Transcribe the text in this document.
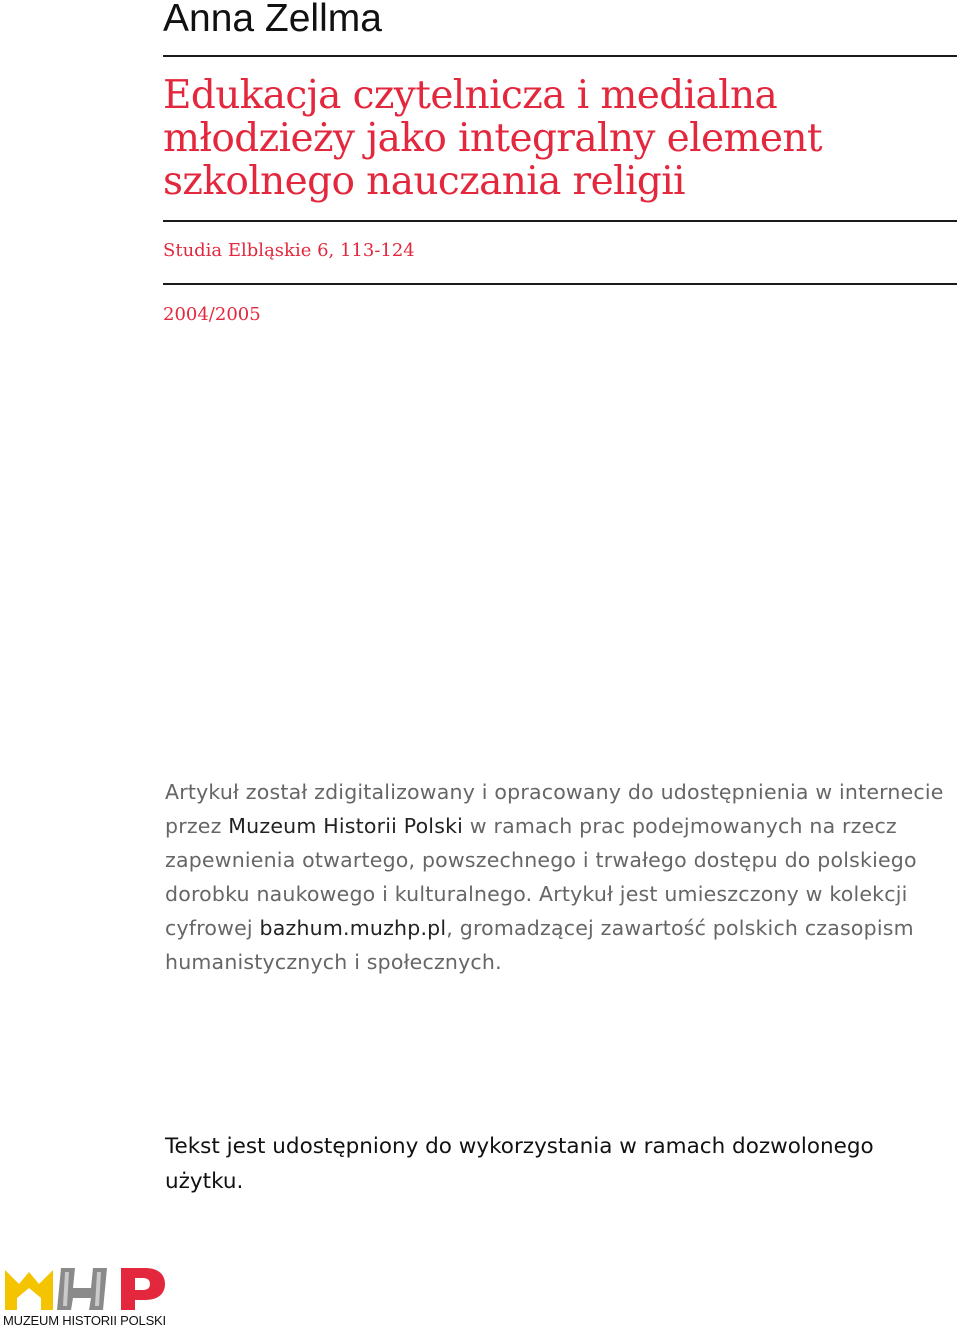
Anna Zellma
Edukacja czytelnicza i medialna
młodzieży jako integralny element
szkolnego nauczania religii

Studia Elbląskie 6, 113-124

2004/2005

Artykuł został zdigitalizowany i opracowany do udostępnienia w internecie przez Muzeum Historii Polski w ramach prac podejmowanych na rzecz zapewnienia otwartego, powszechnego i trwałego dostępu do polskiego dorobku naukowego i kulturalnego. Artykuł jest umieszczony w kolekcji cyfrowej bazhum.muzhp.pl, gromadzącej zawartość polskich czasopism humanistycznych i społecznych.

Tekst jest udostępniony do wykorzystania w ramach dozwolonego użytku.

MUZEUM HISTORII POLSKI
